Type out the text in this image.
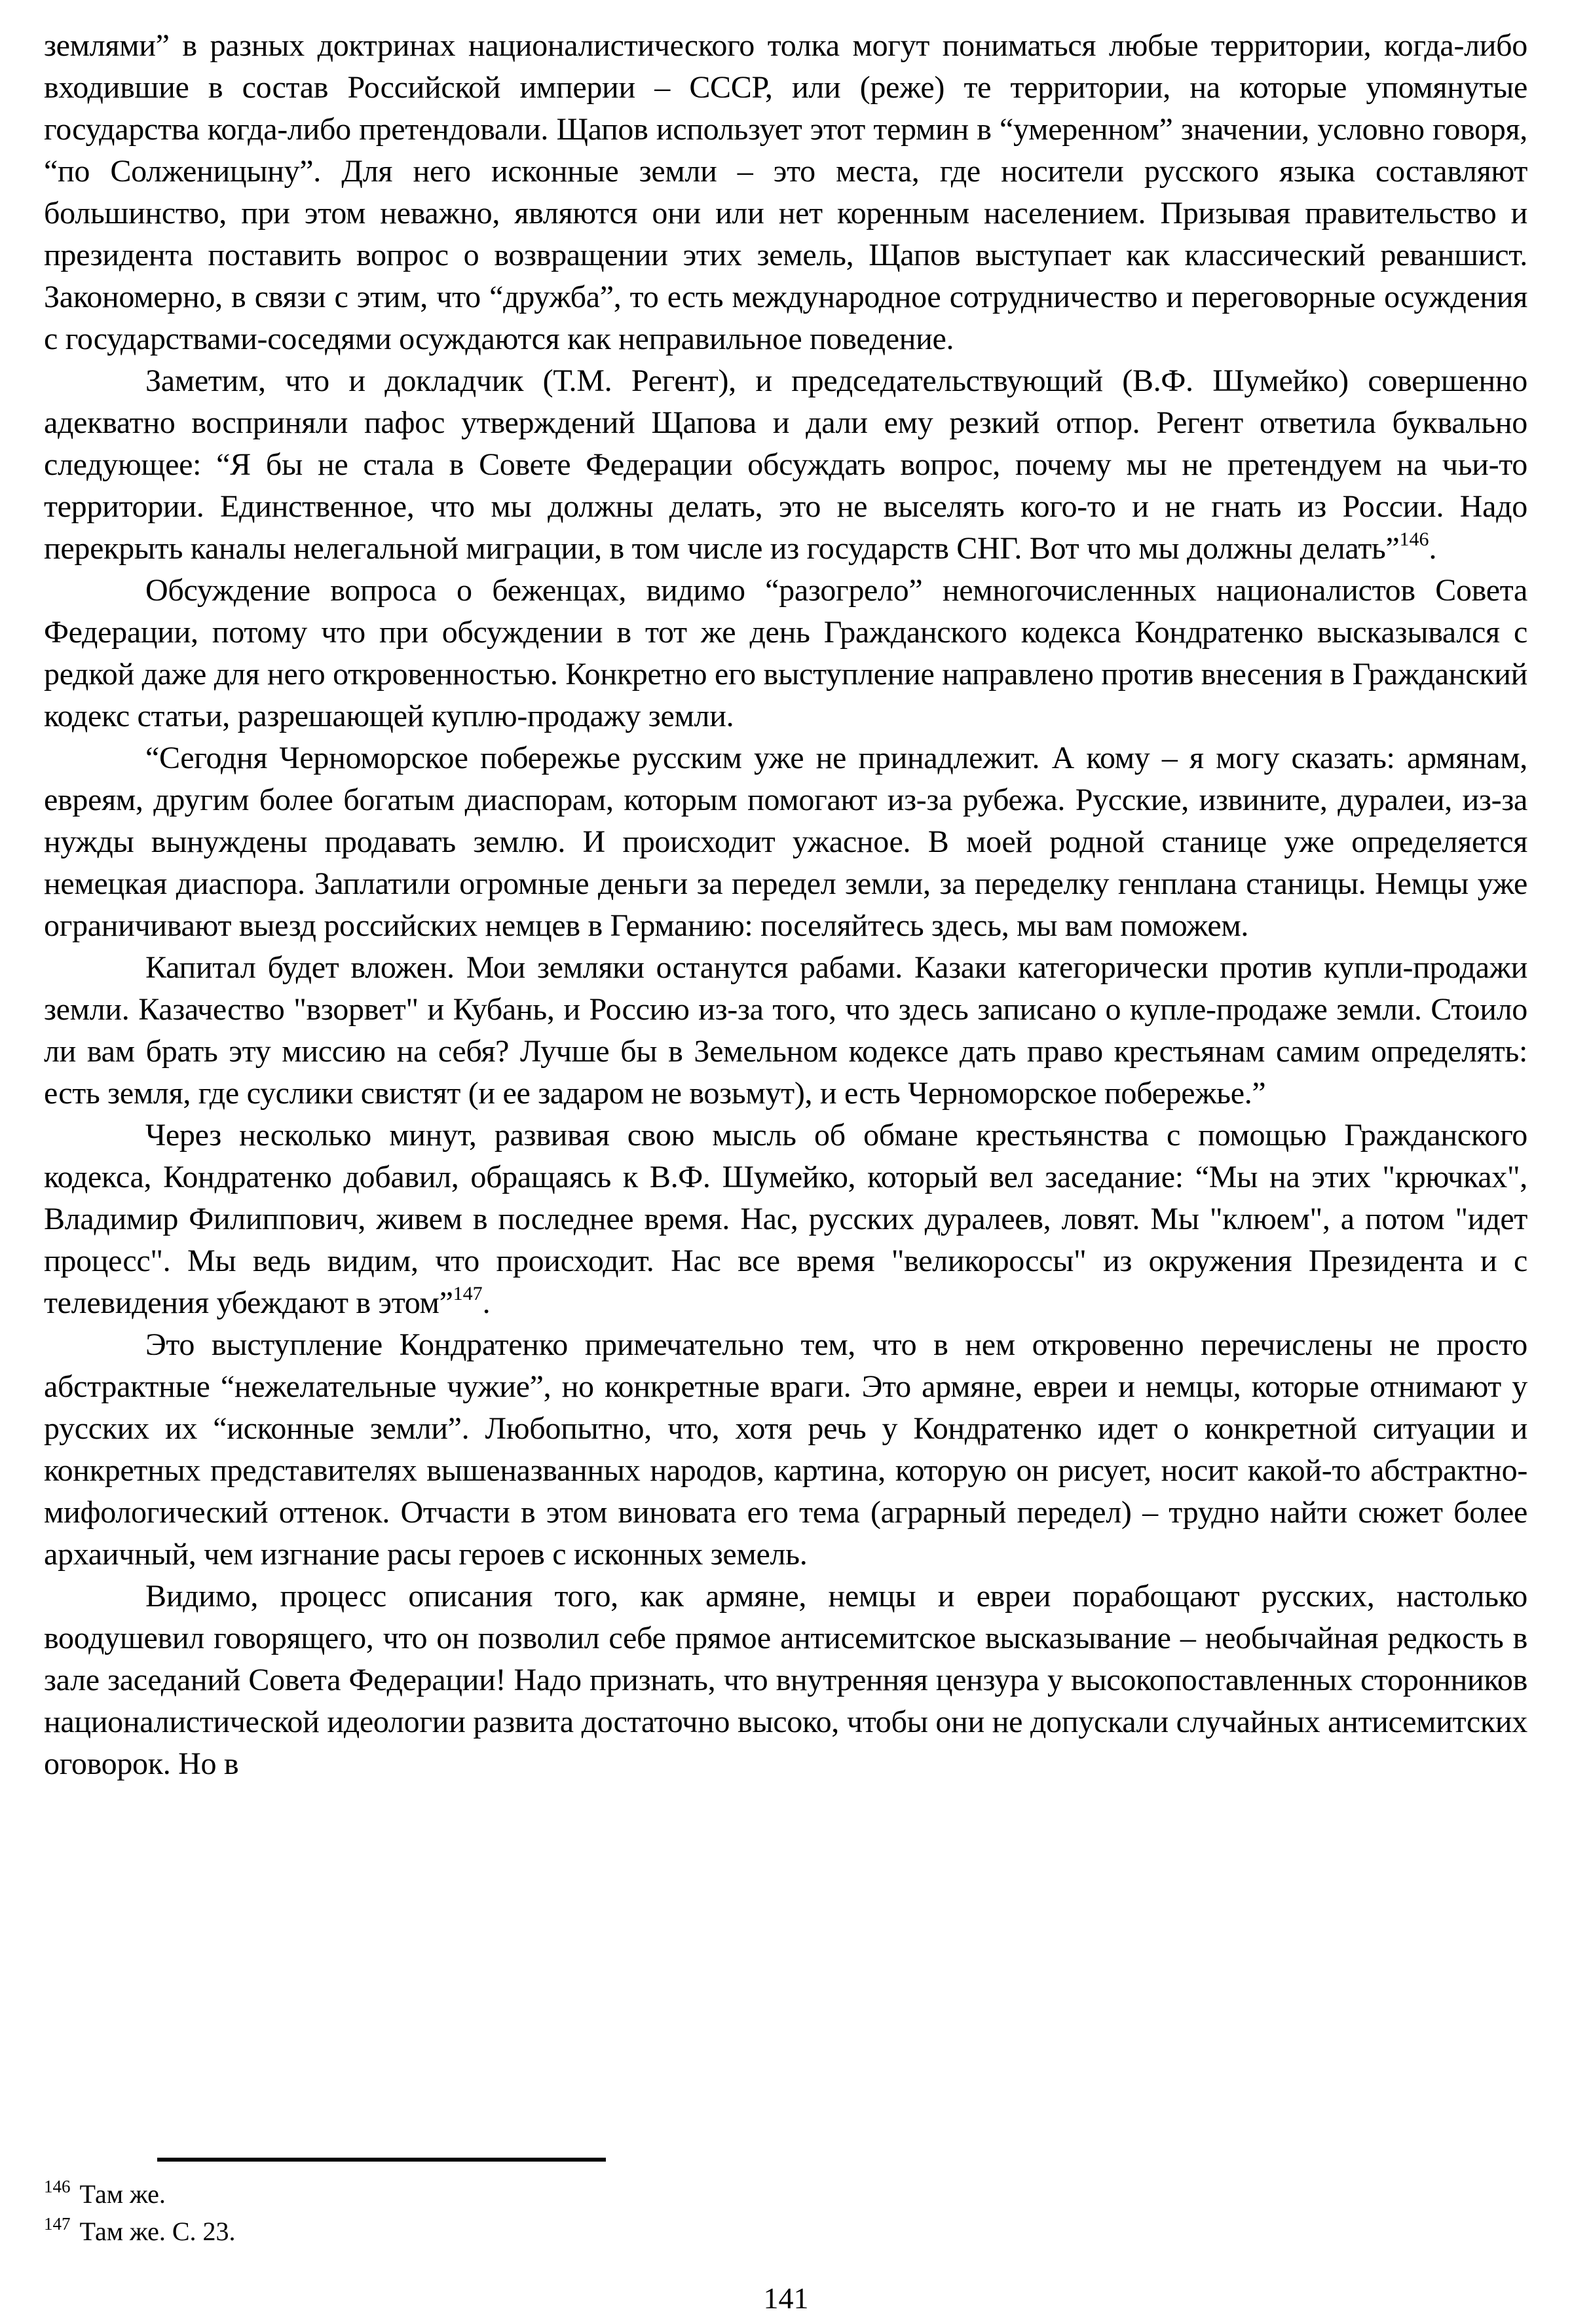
землями” в разных доктринах националистического толка могут пониматься любые территории, когда-либо входившие в состав Российской империи – СССР, или (реже) те территории, на которые упомянутые государства когда-либо претендовали. Щапов использует этот термин в “умеренном” значении, условно говоря, “по Солженицыну”. Для него исконные земли – это места, где носители русского языка составляют большинство, при этом неважно, являются они или нет коренным населением. Призывая правительство и президента поставить вопрос о возвращении этих земель, Щапов выступает как классический реваншист. Закономерно, в связи с этим, что “дружба”, то есть международное сотрудничество и переговорные осуждения с государствами-соседями осуждаются как неправильное поведение.

Заметим, что и докладчик (Т.М. Регент), и председательствующий (В.Ф. Шумейко) совершенно адекватно восприняли пафос утверждений Щапова и дали ему резкий отпор. Регент ответила буквально следующее: “Я бы не стала в Совете Федерации обсуждать вопрос, почему мы не претендуем на чьи-то территории. Единственное, что мы должны делать, это не выселять кого-то и не гнать из России. Надо перекрыть каналы нелегальной миграции, в том числе из государств СНГ. Вот что мы должны делать”$^{146}$.

Обсуждение вопроса о беженцах, видимо “разогрело” немногочисленных националистов Совета Федерации, потому что при обсуждении в тот же день Гражданского кодекса Кондратенко высказывался с редкой даже для него откровенностью. Конкретно его выступление направлено против внесения в Гражданский кодекс статьи, разрешающей куплю-продажу земли.

“Сегодня Черноморское побережье русским уже не принадлежит. А кому – я могу сказать: армянам, евреям, другим более богатым диаспорам, которым помогают из-за рубежа. Русские, извините, дуралеи, из-за нужды вынуждены продавать землю. И происходит ужасное. В моей родной станице уже определяется немецкая диаспора. Заплатили огромные деньги за передел земли, за переделку генплана станицы. Немцы уже ограничивают выезд российских немцев в Германию: поселяйтесь здесь, мы вам поможем.

Капитал будет вложен. Мои земляки останутся рабами. Казаки категорически против купли-продажи земли. Казачество "взорвет" и Кубань, и Россию из-за того, что здесь записано о купле-продаже земли. Стоило ли вам брать эту миссию на себя? Лучше бы в Земельном кодексе дать право крестьянам самим определять: есть земля, где суслики свистят (и ее задаром не возьмут), и есть Черноморское побережье.”

Через несколько минут, развивая свою мысль об обмане крестьянства с помощью Гражданского кодекса, Кондратенко добавил, обращаясь к В.Ф. Шумейко, который вел заседание: “Мы на этих "крючках", Владимир Филиппович, живем в последнее время. Нас, русских дуралеев, ловят. Мы "клюем", а потом "идет процесс". Мы ведь видим, что происходит. Нас все время "великороссы" из окружения Президента и с телевидения убеждают в этом”$^{147}$.

Это выступление Кондратенко примечательно тем, что в нем откровенно перечислены не просто абстрактные “нежелательные чужие”, но конкретные враги. Это армяне, евреи и немцы, которые отнимают у русских их “исконные земли”. Любопытно, что, хотя речь у Кондратенко идет о конкретной ситуации и конкретных представителях вышеназванных народов, картина, которую он рисует, носит какой-то абстрактно-мифологический оттенок. Отчасти в этом виновата его тема (аграрный передел) – трудно найти сюжет более архаичный, чем изгнание расы героев с исконных земель.

Видимо, процесс описания того, как армяне, немцы и евреи порабощают русских, настолько воодушевил говорящего, что он позволил себе прямое антисемитское высказывание – необычайная редкость в зале заседаний Совета Федерации! Надо признать, что внутренняя цензура у высокопоставленных сторонников националистической идеологии развита достаточно высоко, чтобы они не допускали случайных антисемитских оговорок. Но в

$^{146}$ Там же.

$^{147}$ Там же. С. 23.

141
